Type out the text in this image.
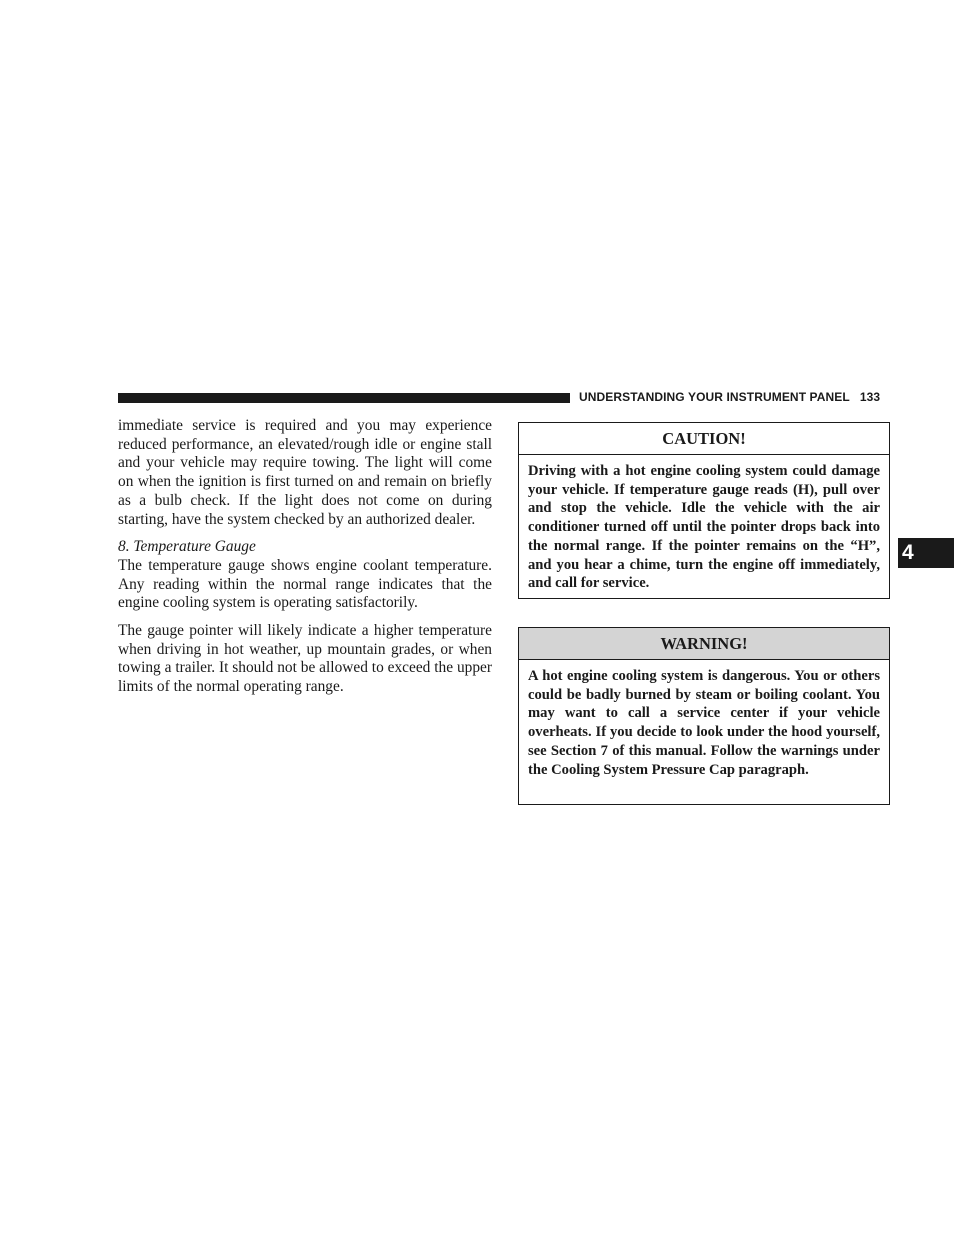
UNDERSTANDING YOUR INSTRUMENT PANEL 133
4

immediate service is required and you may experience reduced performance, an elevated/rough idle or engine stall and your vehicle may require towing. The light will come on when the ignition is first turned on and remain on briefly as a bulb check. If the light does not come on during starting, have the system checked by an authorized dealer.

8. Temperature Gauge

The temperature gauge shows engine coolant temperature. Any reading within the normal range indicates that the engine cooling system is operating satisfactorily.

The gauge pointer will likely indicate a higher temperature when driving in hot weather, up mountain grades, or when towing a trailer. It should not be allowed to exceed the upper limits of the normal operating range.

CAUTION!
Driving with a hot engine cooling system could damage your vehicle. If temperature gauge reads (H), pull over and stop the vehicle. Idle the vehicle with the air conditioner turned off until the pointer drops back into the normal range. If the pointer remains on the “H”, and you hear a chime, turn the engine off immediately, and call for service.
WARNING!
A hot engine cooling system is dangerous. You or others could be badly burned by steam or boiling coolant. You may want to call a service center if your vehicle overheats. If you decide to look under the hood yourself, see Section 7 of this manual. Follow the warnings under the Cooling System Pressure Cap paragraph.
